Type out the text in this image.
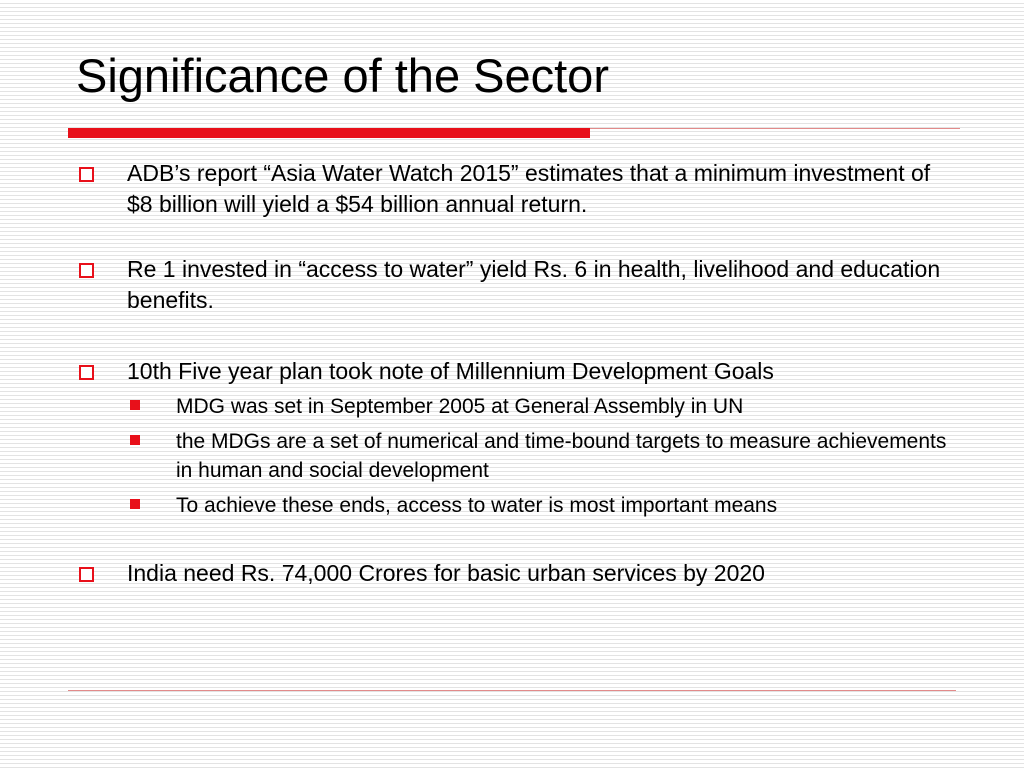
Significance of the Sector
ADB’s report “Asia Water Watch 2015” estimates that a minimum investment of $8 billion will yield a $54 billion annual return.
Re 1 invested in “access to water” yield Rs. 6 in health, livelihood and education benefits.
10th Five year plan took note of Millennium Development Goals
MDG was set in September 2005 at General Assembly in UN
the MDGs are a set of numerical and time-bound targets to measure achievements in human and social development
To achieve these ends, access to water is most important means
India need Rs. 74,000 Crores for basic urban services by 2020
